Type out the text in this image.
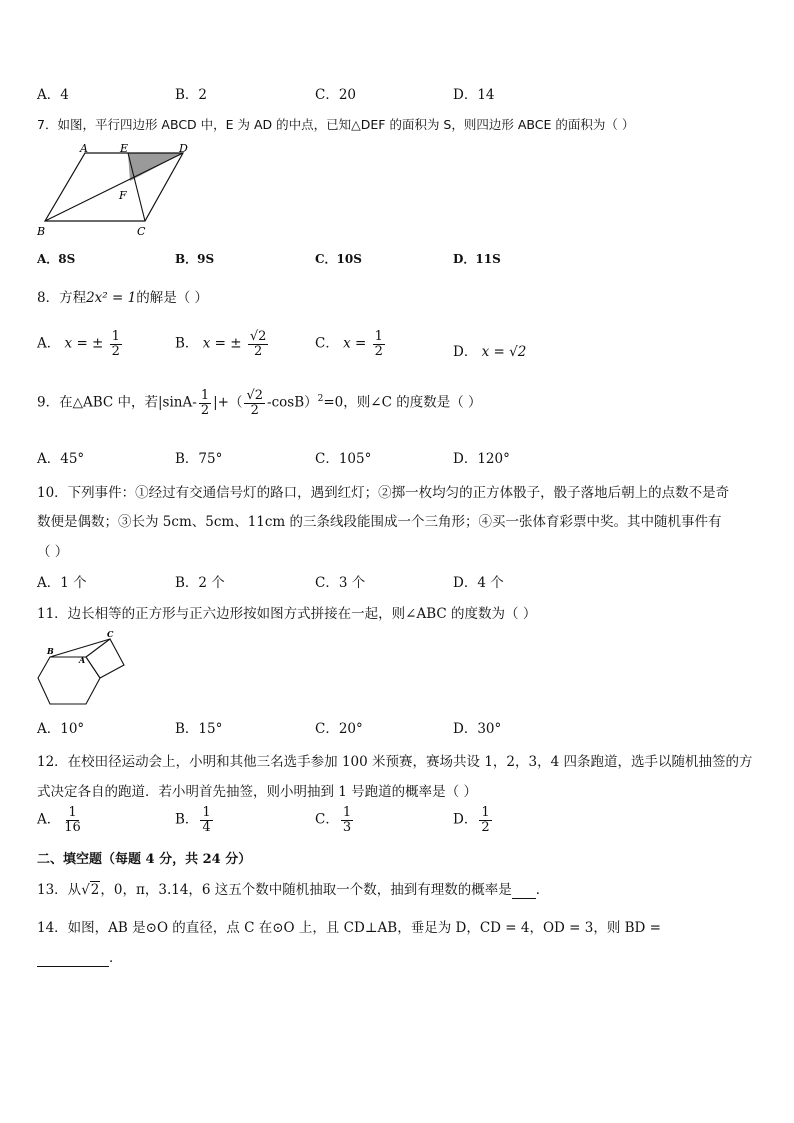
A．4	B．2	C．20	D．14
7．如图，平行四边形 ABCD 中，E 为 AD 的中点，已知△DEF 的面积为 S，则四边形 ABCE 的面积为（ ）
A	E	D
F
B	C
A．8S	B．9S	C．10S	D．11S
8．方程2x² = 1的解是（ ）
A． x = ± $\frac{1}{2}$	B． x = ± $\frac{√2}{2}$	C． $x = \frac{1}{2}$	D． x = √2
9．在△ABC 中，若$|\sin A- \frac{1}{2}$ |+（ $\frac{√2}{2} -\cos B)^2=0$，则∠C 的度数是（ ）
A．45°	B．75°	C．105°	D．120°
10．下列事件：①经过有交通信号灯的路口，遇到红灯；②掷一枚均匀的正方体骰子，骰子落地后朝上的点数不是奇
数便是偶数；③长为 5cm、5cm、11cm 的三条线段能围成一个三角形；④买一张体育彩票中奖。其中随机事件有
（ ）
A．1 个	B．2 个	C．3 个	D．4 个
11．边长相等的正方形与正六边形按如图方式拼接在一起，则∠ABC 的度数为（ ）
B
A
C
A．10°	B．15°	C．20°	D．30°
12．在校田径运动会上，小明和其他三名选手参加 100 米预赛，赛场共设 1，2，3，4 四条跑道，选手以随机抽签的方
式决定各自的跑道．若小明首先抽签，则小明抽到 1 号跑道的概率是（ ）
A． $\frac{1}{16}$	B． $\frac{1}{4}$	C． $\frac{1}{3}$	D． $\frac{1}{2}$
二、填空题（每题 4 分，共 24 分）
13．从√2，0，π，3.14，6 这五个数中随机抽取一个数，抽到有理数的概率是 ．
14．如图，AB 是⊙O 的直径，点 C 在⊙O 上，且 CD⊥AB，垂足为 D，CD = 4，OD = 3，则 BD =
．
